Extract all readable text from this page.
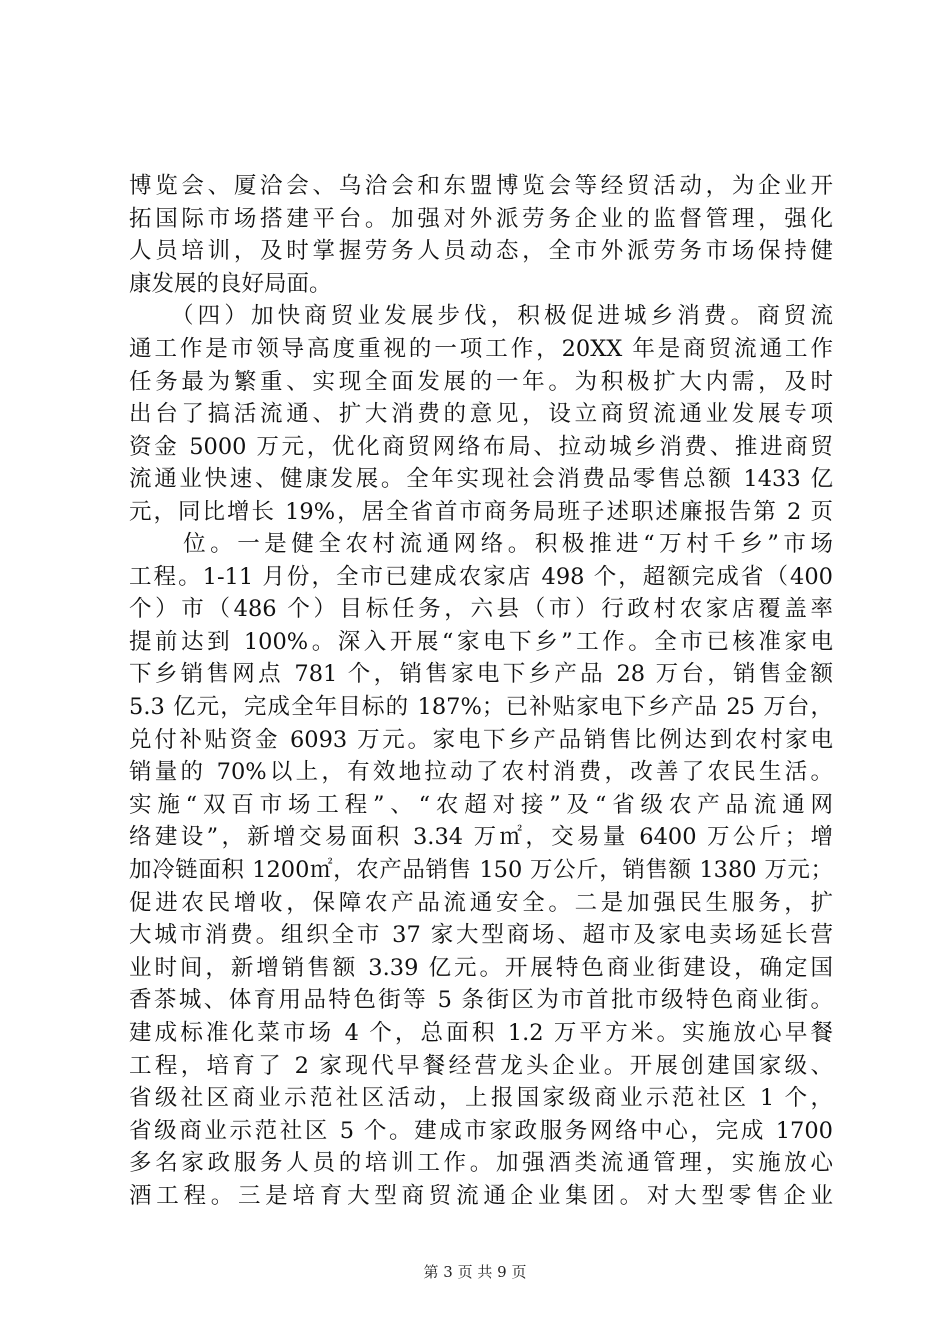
博览会、厦洽会、乌洽会和东盟博览会等经贸活动，为企业开
拓国际市场搭建平台。加强对外派劳务企业的监督管理，强化
人员培训，及时掌握劳务人员动态，全市外派劳务市场保持健
康发展的良好局面。
　　（四）加快商贸业发展步伐，积极促进城乡消费。商贸流
通工作是市领导高度重视的一项工作，20XX 年是商贸流通工作
任务最为繁重、实现全面发展的一年。为积极扩大内需，及时
出台了搞活流通、扩大消费的意见，设立商贸流通业发展专项
资金 5000 万元，优化商贸网络布局、拉动城乡消费、推进商贸
流通业快速、健康发展。全年实现社会消费品零售总额 1433 亿
元，同比增长 19%，居全省首市商务局班子述职述廉报告第 2 页
　　位。一是健全农村流通网络。积极推进“万村千乡”市场
工程。1-11 月份，全市已建成农家店 498 个，超额完成省（400
个）市（486 个）目标任务，六县（市）行政村农家店覆盖率
提前达到 100%。深入开展“家电下乡”工作。全市已核准家电
下乡销售网点 781 个，销售家电下乡产品 28 万台，销售金额
5.3 亿元，完成全年目标的 187%；已补贴家电下乡产品 25 万台，
兑付补贴资金 6093 万元。家电下乡产品销售比例达到农村家电
销量的 70%以上，有效地拉动了农村消费，改善了农民生活。
实施“双百市场工程”、“农超对接”及“省级农产品流通网
络建设”，新增交易面积 3.34 万㎡，交易量 6400 万公斤；增
加冷链面积 1200㎡，农产品销售 150 万公斤，销售额 1380 万元；
促进农民增收，保障农产品流通安全。二是加强民生服务，扩
大城市消费。组织全市 37 家大型商场、超市及家电卖场延长营
业时间，新增销售额 3.39 亿元。开展特色商业街建设，确定国
香茶城、体育用品特色街等 5 条街区为市首批市级特色商业街。
建成标准化菜市场 4 个，总面积 1.2 万平方米。实施放心早餐
工程，培育了 2 家现代早餐经营龙头企业。开展创建国家级、
省级社区商业示范社区活动，上报国家级商业示范社区 1 个，
省级商业示范社区 5 个。建成市家政服务网络中心，完成 1700
多名家政服务人员的培训工作。加强酒类流通管理，实施放心
酒工程。三是培育大型商贸流通企业集团。对大型零售企业
第 3 页 共 9 页
